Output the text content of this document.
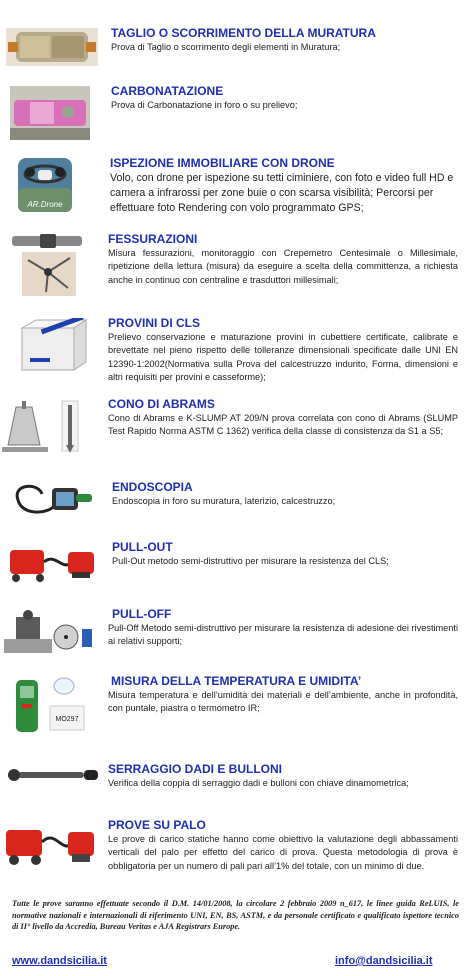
TAGLIO O SCORRIMENTO DELLA MURATURA

Prova di Taglio o scorrimento degli elementi in Muratura;

CARBONATAZIONE

Prova di Carbonatazione in foro o su prelievo;

AR.Drone
ISPEZIONE IMMOBILIARE CON DRONE

Volo, con drone per ispezione su tetti ciminiere, con foto e video full HD e camera a infrarossi per zone buie o con scarsa visibilità; Percorsi per effettuare foto Rendering con volo programmato GPS;

FESSURAZIONI

Misura fessurazioni, monitoraggio con Crepemetro Centesimale o Millesimale, ripetizione della lettura (misura) da eseguire a scelta della committenza, a richiesta anche in continuo con centraline e trasduttori millesimali;

PROVINI DI CLS

Prelievo conservazione e maturazione provini in cubettiere certificate, calibrate e brevettate nel pieno rispetto delle tolleranze dimensionali specificate dalle UNI EN 12390-1:2002(Normativa sulla Prova del calcestruzzo indurito, Forma, dimensioni e altri requisiti per provini e casseforme);

CONO DI ABRAMS

Cono di Abrams e K-SLUMP AT 209/N prova correlata con cono di Abrams (SLUMP Test Rapido Norma ASTM C 1362) verifica della classe di consistenza da S1 a S5;

ENDOSCOPIA

Endoscopia in foro su muratura, laterizio, calcestruzzo;

PULL-OUT

Pull-Out metodo semi-distruttivo per misurare la resistenza del CLS;

PULL-OFF

Pull-Off Metodo semi-distruttivo per misurare la resistenza di adesione dei rivestimenti ai relativi supporti;

MO297
MISURA DELLA TEMPERATURA E UMIDITA’

Misura temperatura e dell’umidità dei materiali e dell’ambiente, anche in profondità, con puntale, piastra o termometro IR;

SERRAGGIO DADI E BULLONI

Verifica della coppia di serraggio dadi e bulloni con chiave dinamometrica;

PROVE SU PALO

Le prove di carico statiche hanno come obiettivo la valutazione degli abbassamenti verticali del palo per effetto del carico di prova. Questa metodologia di prova è obbligatoria per un numero di pali pari all’1% del totale, con un minimo di due.

Tutte le prove saranno effettuate secondo il D.M. 14/01/2008, la circolare 2 febbraio 2009 n_617, le linee guida ReLUIS, le normative nazionali e internazionali di riferimento UNI, EN, BS, ASTM, e da personale certificato e qualificato ispettore tecnico di II° livello da Accredia, Bureau Veritas e AJA Registrars Europe.

www.dandsicilia.it	info@dandsicilia.it
